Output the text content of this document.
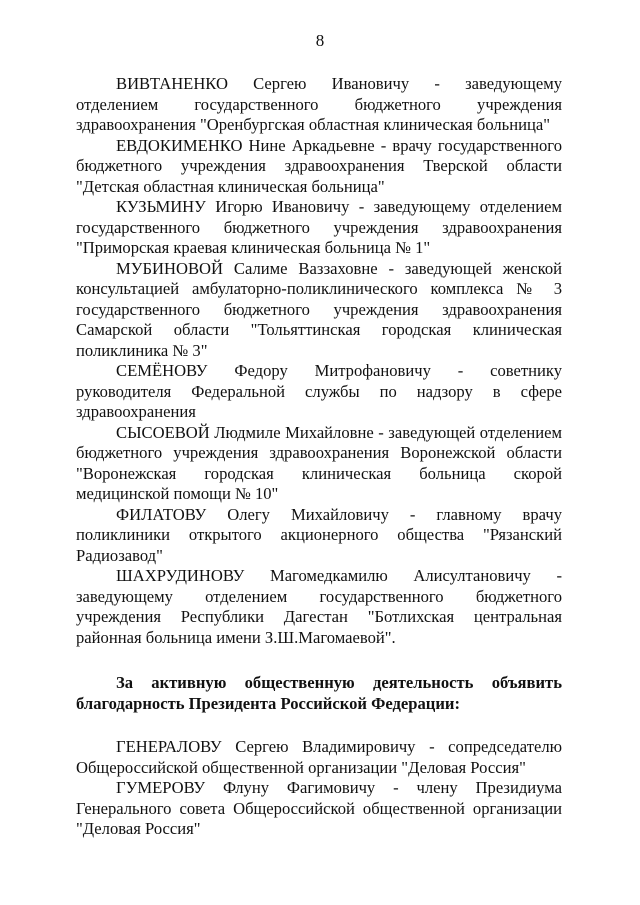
8

ВИВТАНЕНКО Сергею Ивановичу - заведующему отделением государственного бюджетного учреждения здравоохранения "Оренбургская областная клиническая больница"

ЕВДОКИМЕНКО Нине Аркадьевне - врачу государственного бюджетного учреждения здравоохранения Тверской области "Детская областная клиническая больница"

КУЗЬМИНУ Игорю Ивановичу - заведующему отделением государственного бюджетного учреждения здравоохранения "Приморская краевая клиническая больница № 1"

МУБИНОВОЙ Салиме Ваззаховне - заведующей женской консультацией амбулаторно-поликлинического комплекса № 3 государственного бюджетного учреждения здравоохранения Самарской области "Тольяттинская городская клиническая поликлиника № 3"

СЕМЁНОВУ Федору Митрофановичу - советнику руководителя Федеральной службы по надзору в сфере здравоохранения

СЫСОЕВОЙ Людмиле Михайловне - заведующей отделением бюджетного учреждения здравоохранения Воронежской области "Воронежская городская клиническая больница скорой медицинской помощи № 10"

ФИЛАТОВУ Олегу Михайловичу - главному врачу поликлиники открытого акционерного общества "Рязанский Радиозавод"

ШАХРУДИНОВУ Магомедкамилю Алисултановичу - заведующему отделением государственного бюджетного учреждения Республики Дагестан "Ботлихская центральная районная больница имени З.Ш.Магомаевой".

За активную общественную деятельность объявить благодарность Президента Российской Федерации:

ГЕНЕРАЛОВУ Сергею Владимировичу - сопредседателю Общероссийской общественной организации "Деловая Россия"

ГУМЕРОВУ Флуну Фагимовичу - члену Президиума Генерального совета Общероссийской общественной организации "Деловая Россия"
